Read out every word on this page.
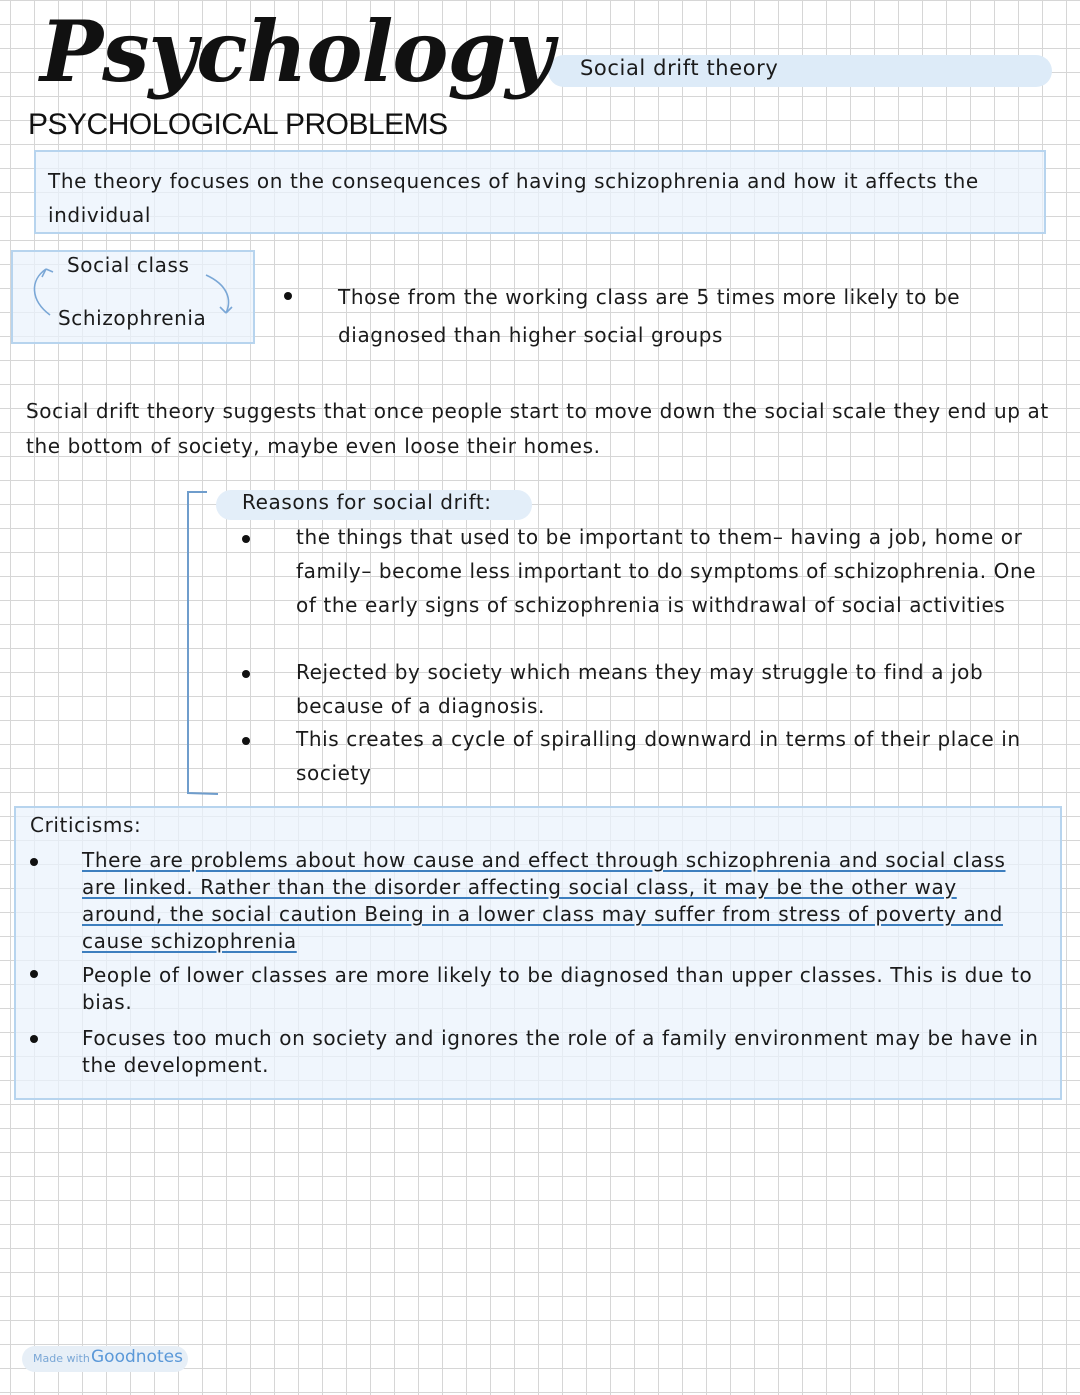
Psychology
PSYCHOLOGICAL PROBLEMS
Social drift theory
The theory focuses on the consequences of having schizophrenia and how it affects the individual
Social class
Schizophrenia
Those from the working class are 5 times more likely to be diagnosed than higher social groups
Social drift theory suggests that once people start to move down the social scale they end up at the bottom of society, maybe even loose their homes.
Reasons for social drift:
the things that used to be important to them– having a job, home or family– become less important to do symptoms of schizophrenia. One of the early signs of schizophrenia is withdrawal of social activities
Rejected by society which means they may struggle to find a job because of a diagnosis.
This creates a cycle of spiralling downward in terms of their place in society
Criticisms:
There are problems about how cause and effect through schizophrenia and social class are linked. Rather than the disorder affecting social class, it may be the other way around, the social caution Being in a lower class may suffer from stress of poverty and cause schizophrenia
People of lower classes are more likely to be diagnosed than upper classes. This is due to bias.
Focuses too much on society and ignores the role of a family environment may be have in the development.
Made with Goodnotes
